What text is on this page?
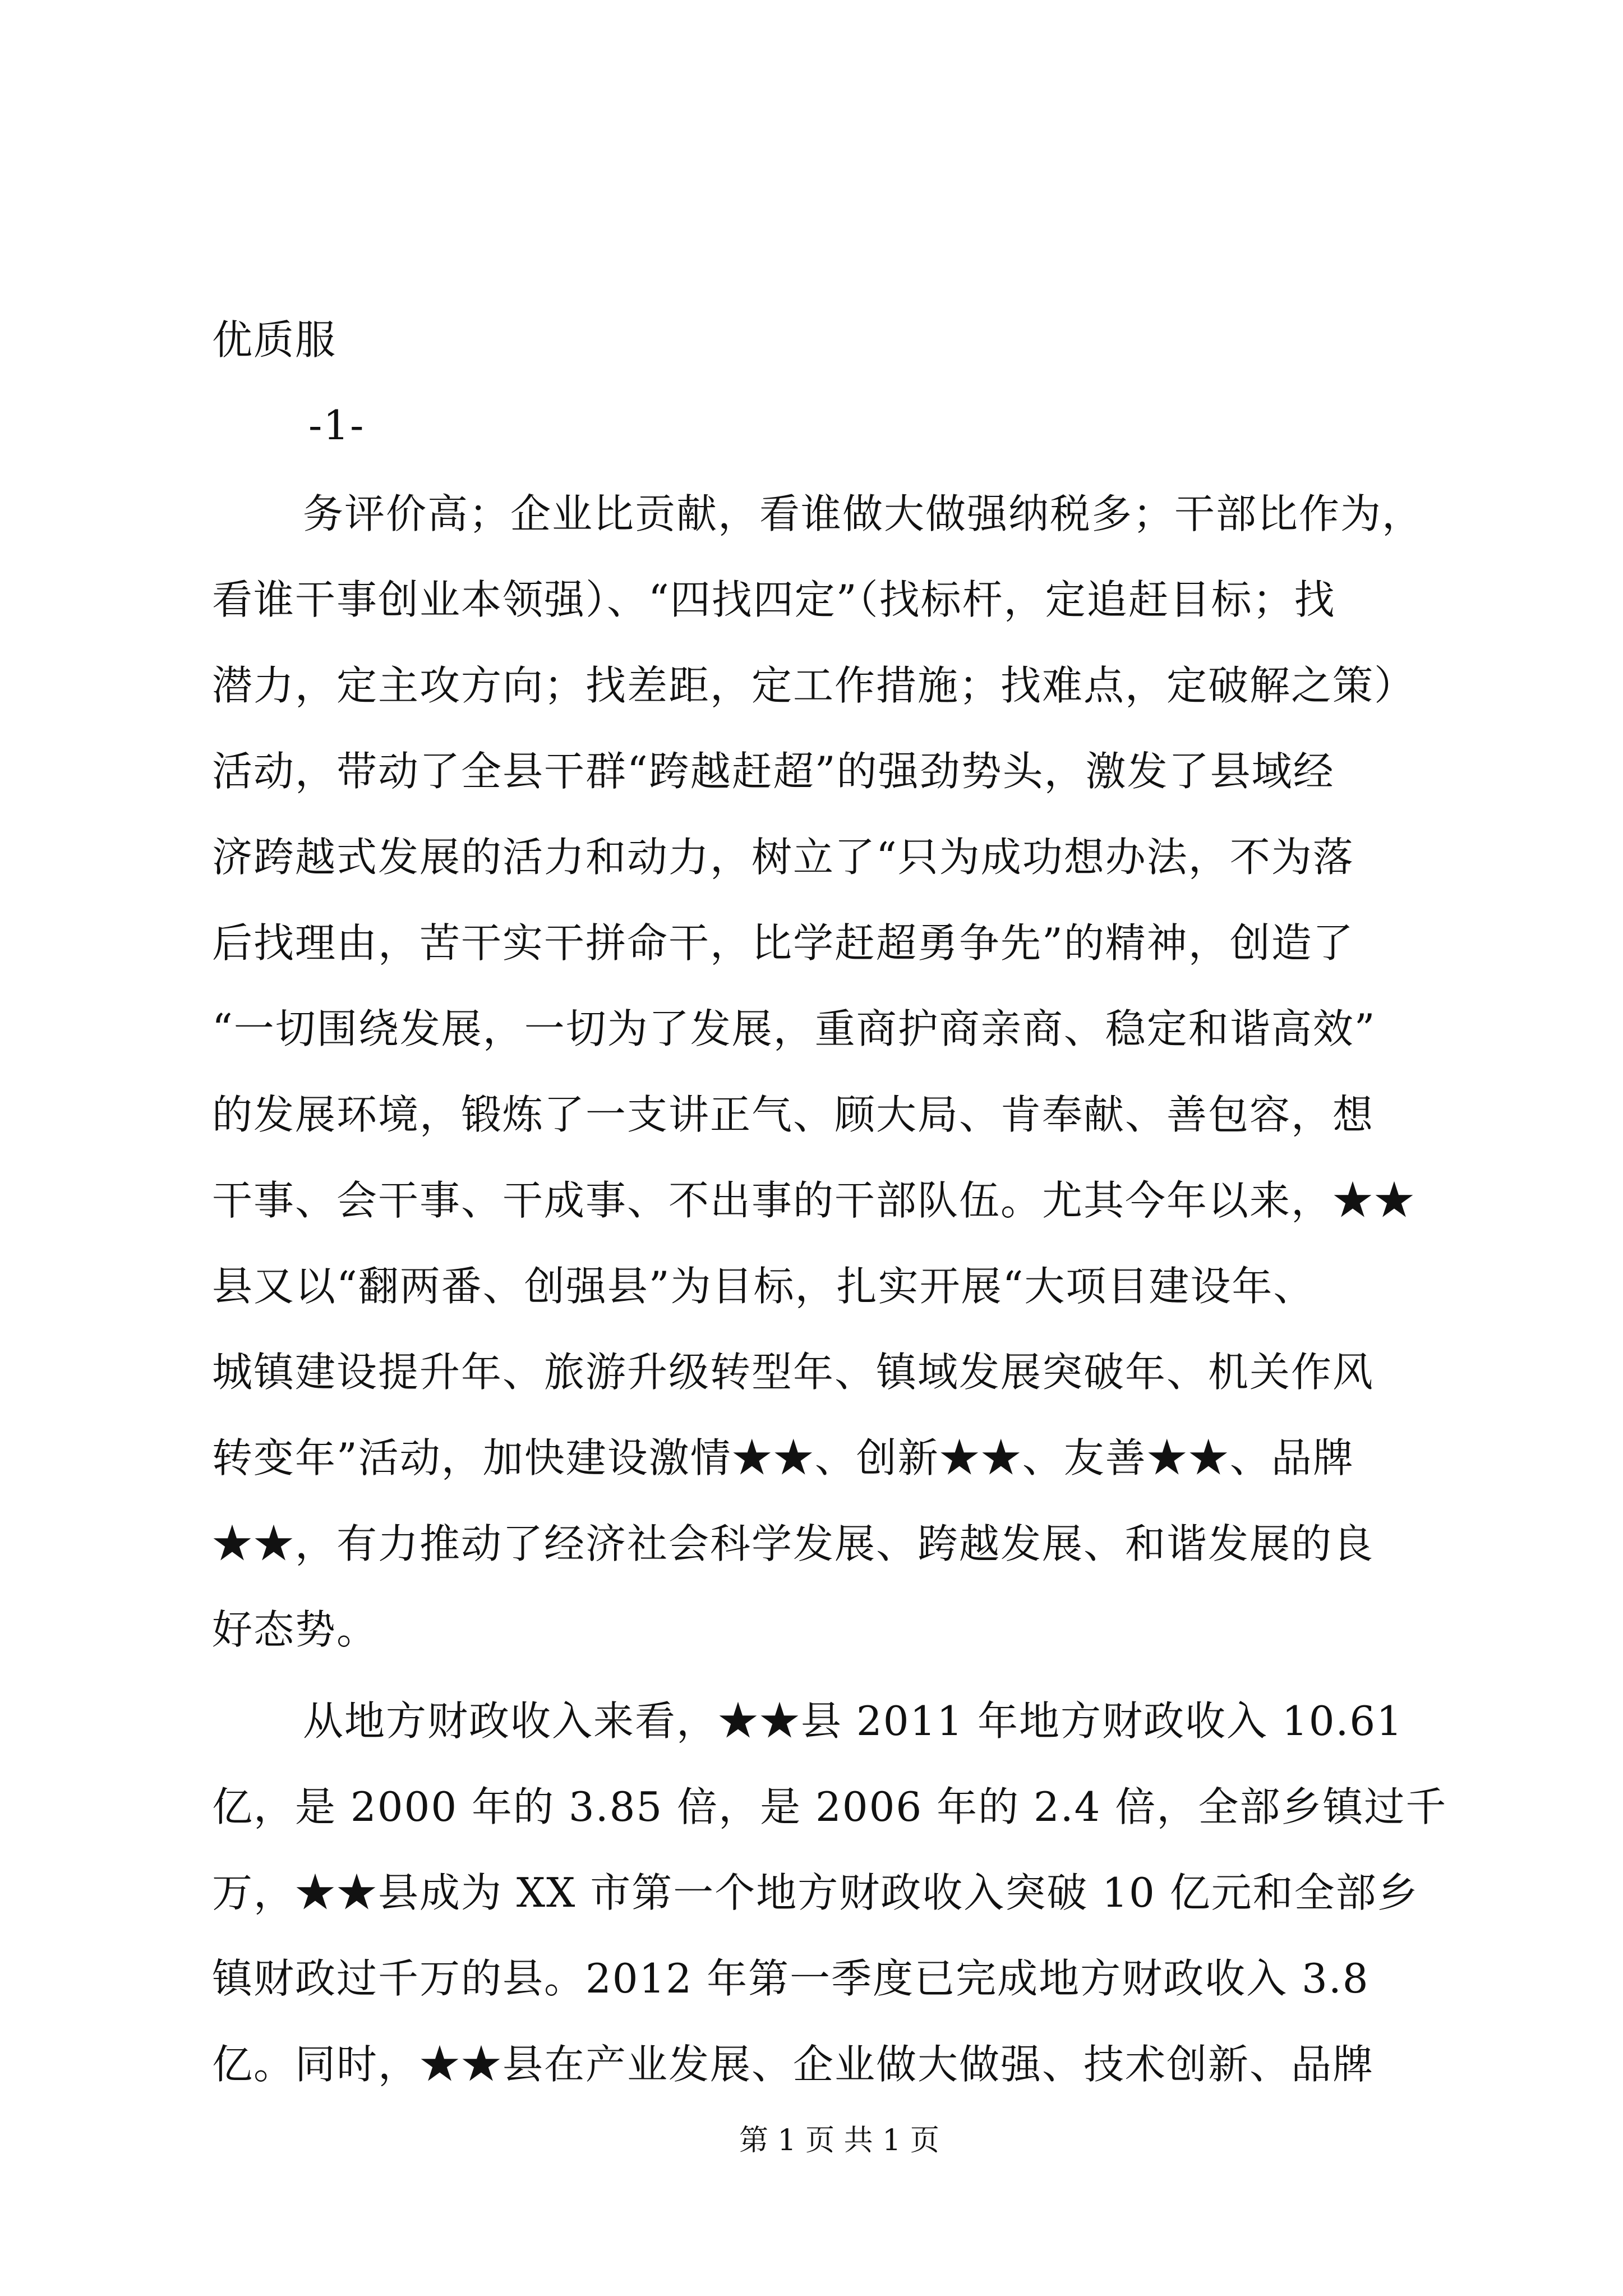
优质服
-1-
务评价高；企业比贡献，看谁做大做强纳税多；干部比作为，
看谁干事创业本领强）、“四找四定”（找标杆，定追赶目标；找
潜力，定主攻方向；找差距，定工作措施；找难点，定破解之策）
活动，带动了全县干群“跨越赶超”的强劲势头，激发了县域经
济跨越式发展的活力和动力，树立了“只为成功想办法，不为落
后找理由，苦干实干拼命干，比学赶超勇争先”的精神，创造了
“一切围绕发展，一切为了发展，重商护商亲商、稳定和谐高效”
的发展环境，锻炼了一支讲正气、顾大局、肯奉献、善包容，想
干事、会干事、干成事、不出事的干部队伍。尤其今年以来，★★
县又以“翻两番、创强县”为目标，扎实开展“大项目建设年、
城镇建设提升年、旅游升级转型年、镇域发展突破年、机关作风
转变年”活动，加快建设激情★★、创新★★、友善★★、品牌
★★，有力推动了经济社会科学发展、跨越发展、和谐发展的良
好态势。
从地方财政收入来看，★★县 2011 年地方财政收入 10.61
亿，是 2000 年的 3.85 倍，是 2006 年的 2.4 倍，全部乡镇过千
万，★★县成为 XX 市第一个地方财政收入突破 10 亿元和全部乡
镇财政过千万的县。2012 年第一季度已完成地方财政收入 3.8
亿。同时，★★县在产业发展、企业做大做强、技术创新、品牌
第 1 页 共 1 页
